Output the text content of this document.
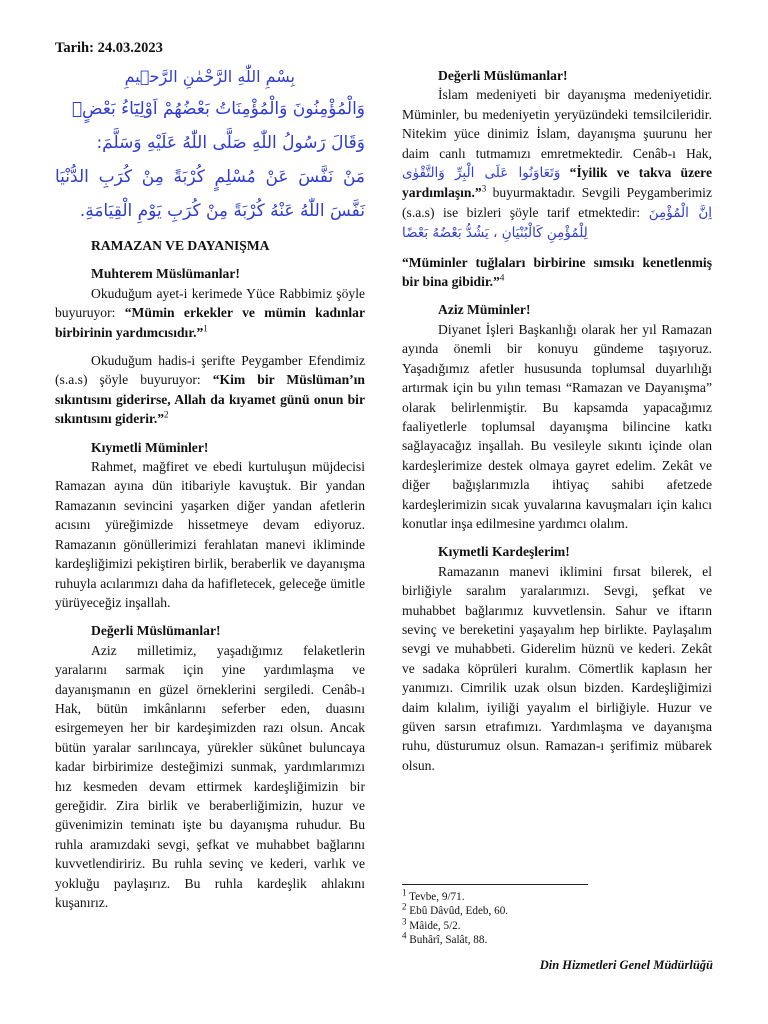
Tarih: 24.03.2023

بِسْمِ اللّٰهِ الرَّحْمٰنِ الرَّح۪يمِ

وَالْمُؤْمِنُونَ وَالْمُؤْمِنَاتُ بَعْضُهُمْ اَوْلِيَٓاءُ بَعْضٍۢ

وَقَالَ رَسُولُ اللّٰهِ صَلَّى اللّٰهُ عَلَيْهِ وَسَلَّمَ:

مَنْ نَفَّسَ عَنْ مُسْلِمٍ كُرْبَةً مِنْ كُرَبِ الدُّنْيَا نَفَّسَ اللّٰهُ عَنْهُ كُرْبَةً مِنْ كُرَبِ يَوْمِ الْقِيَامَةِ.

RAMAZAN VE DAYANIŞMA

Muhterem Müslümanlar!

Okuduğum ayet-i kerimede Yüce Rabbimiz şöyle buyuruyor: “Mümin erkekler ve mümin kadınlar birbirinin yardımcısıdır.”$^1$

Okuduğum hadis-i şerifte Peygamber Efendimiz (s.a.s) şöyle buyuruyor: “Kim bir Müslüman’ın sıkıntısını giderirse, Allah da kıyamet günü onun bir sıkıntısını giderir.”$^2$

Kıymetli Müminler!

Rahmet, mağfiret ve ebedi kurtuluşun müjdecisi Ramazan ayına dün itibariyle kavuştuk. Bir yandan Ramazanın sevincini yaşarken diğer yandan afetlerin acısını yüreğimizde hissetmeye devam ediyoruz. Ramazanın gönüllerimizi ferahlatan manevi ikliminde kardeşliğimizi pekiştiren birlik, beraberlik ve dayanışma ruhuyla acılarımızı daha da hafifletecek, geleceğe ümitle yürüyeceğiz inşallah.

Değerli Müslümanlar!

Aziz milletimiz, yaşadığımız felaketlerin yaralarını sarmak için yine yardımlaşma ve dayanışmanın en güzel örneklerini sergiledi. Cenâb-ı Hak, bütün imkânlarını seferber eden, duasını esirgemeyen her bir kardeşimizden razı olsun. Ancak bütün yaralar sarılıncaya, yürekler sükûnet buluncaya kadar birbirimize desteğimizi sunmak, yardımlarımızı hız kesmeden devam ettirmek kardeşliğimizin bir gereğidir. Zira birlik ve beraberliğimizin, huzur ve güvenimizin teminatı işte bu dayanışma ruhudur. Bu ruhla aramızdaki sevgi, şefkat ve muhabbet bağlarını kuvvetlendiririz. Bu ruhla sevinç ve kederi, varlık ve yokluğu paylaşırız. Bu ruhla kardeşlik ahlakını kuşanırız.

Değerli Müslümanlar!

İslam medeniyeti bir dayanışma medeniyetidir. Müminler, bu medeniyetin yeryüzündeki temsilcileridir. Nitekim yüce dinimiz İslam, dayanışma şuurunu her daim canlı tutmamızı emretmektedir. Cenâb-ı Hak, وَتَعَاوَنُوا عَلَى الْبِرِّ وَالتَّقْوٰى “İyilik ve takva üzere yardımlaşın.”$^3$ buyurmaktadır. Sevgili Peygamberimiz (s.a.s) ise bizleri şöyle tarif etmektedir: اِنَّ الْمُؤْمِنَ لِلْمُؤْمِنِ كَالْبُنْيَانِ ، يَشُدُّ بَعْضُهُ بَعْضًا

“Müminler tuğlaları birbirine sımsıkı kenetlenmiş bir bina gibidir.”$^4$

Aziz Müminler!

Diyanet İşleri Başkanlığı olarak her yıl Ramazan ayında önemli bir konuyu gündeme taşıyoruz. Yaşadığımız afetler hususunda toplumsal duyarlılığı artırmak için bu yılın teması “Ramazan ve Dayanışma” olarak belirlenmiştir. Bu kapsamda yapacağımız faaliyetlerle toplumsal dayanışma bilincine katkı sağlayacağız inşallah. Bu vesileyle sıkıntı içinde olan kardeşlerimize destek olmaya gayret edelim. Zekât ve diğer bağışlarımızla ihtiyaç sahibi afetzede kardeşlerimizin sıcak yuvalarına kavuşmaları için kalıcı konutlar inşa edilmesine yardımcı olalım.

Kıymetli Kardeşlerim!

Ramazanın manevi iklimini fırsat bilerek, el birliğiyle saralım yaralarımızı. Sevgi, şefkat ve muhabbet bağlarımız kuvvetlensin. Sahur ve iftarın sevinç ve bereketini yaşayalım hep birlikte. Paylaşalım sevgi ve muhabbeti. Giderelim hüznü ve kederi. Zekât ve sadaka köprüleri kuralım. Cömertlik kaplasın her yanımızı. Cimrilik uzak olsun bizden. Kardeşliğimizi daim kılalım, iyiliği yayalım el birliğiyle. Huzur ve güven sarsın etrafımızı. Yardımlaşma ve dayanışma ruhu, düsturumuz olsun. Ramazan-ı şerifimiz mübarek olsun.

$^1$ Tevbe, 9/71.
$^2$ Ebû Dâvûd, Edeb, 60.
$^3$ Mâide, 5/2.
$^4$ Buhârî, Salât, 88.
Din Hizmetleri Genel Müdürlüğü
